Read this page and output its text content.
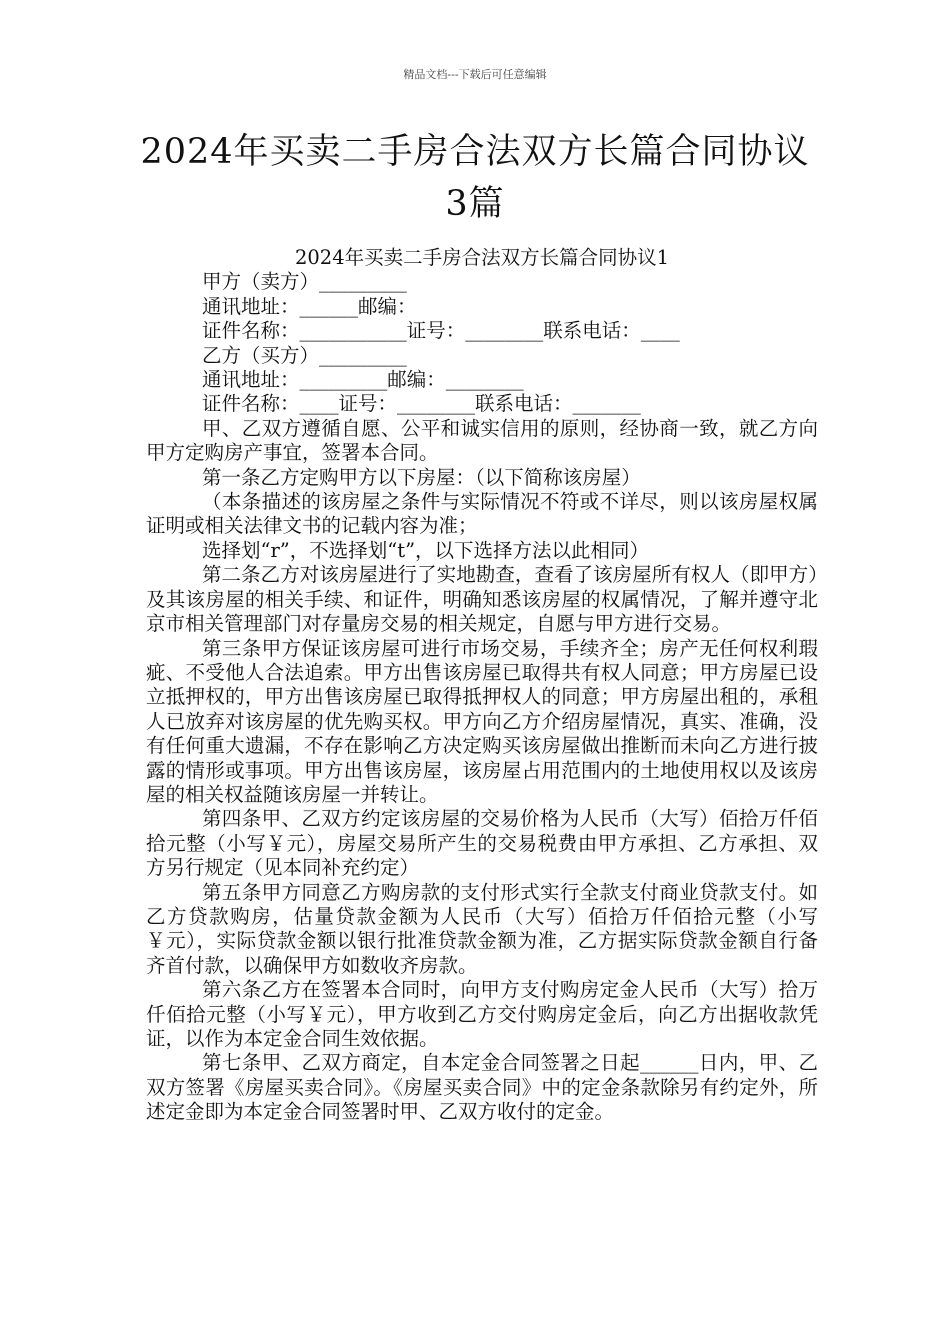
精品文档---下载后可任意编辑
2024年买卖二手房合法双方长篇合同协议
3篇

2024年买卖二手房合法双方长篇合同协议1

甲方（卖方）_________

通讯地址：______邮编：

证件名称：___________证号：________联系电话：____

乙方（买方）_________

通讯地址：_________邮编：________

证件名称：____证号：________联系电话：_______

甲、乙双方遵循自愿、公平和诚实信用的原则，经协商一致，就乙方向甲方定购房产事宜，签署本合同。

第一条乙方定购甲方以下房屋：（以下简称该房屋）

（本条描述的该房屋之条件与实际情况不符或不详尽，则以该房屋权属证明或相关法律文书的记载内容为准；

选择划“r”，不选择划“t”，以下选择方法以此相同）

第二条乙方对该房屋进行了实地勘查，查看了该房屋所有权人（即甲方）及其该房屋的相关手续、和证件，明确知悉该房屋的权属情况，了解并遵守北京市相关管理部门对存量房交易的相关规定，自愿与甲方进行交易。

第三条甲方保证该房屋可进行市场交易，手续齐全；房产无任何权利瑕疵、不受他人合法追索。甲方出售该房屋已取得共有权人同意；甲方房屋已设立抵押权的，甲方出售该房屋已取得抵押权人的同意；甲方房屋出租的，承租人已放弃对该房屋的优先购买权。甲方向乙方介绍房屋情况，真实、准确，没有任何重大遗漏，不存在影响乙方决定购买该房屋做出推断而未向乙方进行披露的情形或事项。甲方出售该房屋，该房屋占用范围内的土地使用权以及该房屋的相关权益随该房屋一并转让。

第四条甲、乙双方约定该房屋的交易价格为人民币（大写）佰拾万仟佰拾元整（小写￥元），房屋交易所产生的交易税费由甲方承担、乙方承担、双方另行规定（见本同补充约定）

第五条甲方同意乙方购房款的支付形式实行全款支付商业贷款支付。如乙方贷款购房，估量贷款金额为人民币（大写）佰拾万仟佰拾元整（小写￥元），实际贷款金额以银行批准贷款金额为准，乙方据实际贷款金额自行备齐首付款，以确保甲方如数收齐房款。

第六条乙方在签署本合同时，向甲方支付购房定金人民币（大写）拾万仟佰拾元整（小写￥元），甲方收到乙方交付购房定金后，向乙方出据收款凭证，以作为本定金合同生效依据。

第七条甲、乙双方商定，自本定金合同签署之日起______日内，甲、乙双方签署《房屋买卖合同》。《房屋买卖合同》中的定金条款除另有约定外，所述定金即为本定金合同签署时甲、乙双方收付的定金。
